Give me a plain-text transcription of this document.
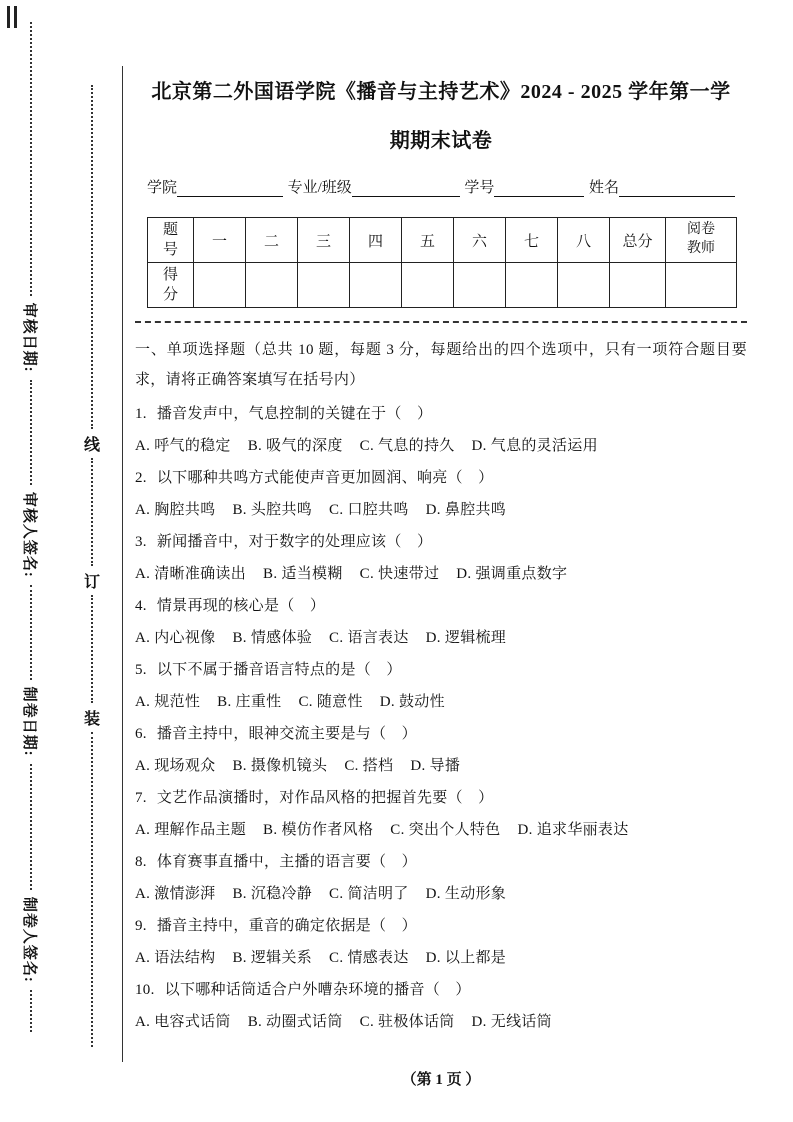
审核日期:
审核人签名:
制卷日期:
制卷人签名:
线
订
装
北京第二外国语学院《播音与主持艺术》2024 - 2025 学年第一学
期期末试卷
学院	专业/班级	学号	姓名
题号	一	二	三	四	五	六	七	八	总分	阅卷教师
得分										
一、单项选择题（总共 10 题，每题 3 分，每题给出的四个选项中，只有一项符合题目要求，请将正确答案填写在括号内）
1. 播音发声中，气息控制的关键在于（　）
A. 呼气的稳定 B. 吸气的深度 C. 气息的持久 D. 气息的灵活运用
2. 以下哪种共鸣方式能使声音更加圆润、响亮（　）
A. 胸腔共鸣 B. 头腔共鸣 C. 口腔共鸣 D. 鼻腔共鸣
3. 新闻播音中，对于数字的处理应该（　）
A. 清晰准确读出 B. 适当模糊 C. 快速带过 D. 强调重点数字
4. 情景再现的核心是（　）
A. 内心视像 B. 情感体验 C. 语言表达 D. 逻辑梳理
5. 以下不属于播音语言特点的是（　）
A. 规范性 B. 庄重性 C. 随意性 D. 鼓动性
6. 播音主持中，眼神交流主要是与（　）
A. 现场观众 B. 摄像机镜头 C. 搭档 D. 导播
7. 文艺作品演播时，对作品风格的把握首先要（　）
A. 理解作品主题 B. 模仿作者风格 C. 突出个人特色 D. 追求华丽表达
8. 体育赛事直播中，主播的语言要（　）
A. 激情澎湃 B. 沉稳冷静 C. 简洁明了 D. 生动形象
9. 播音主持中，重音的确定依据是（　）
A. 语法结构 B. 逻辑关系 C. 情感表达 D. 以上都是
10. 以下哪种话筒适合户外嘈杂环境的播音（　）
A. 电容式话筒 B. 动圈式话筒 C. 驻极体话筒 D. 无线话筒
（第 1 页 ）
